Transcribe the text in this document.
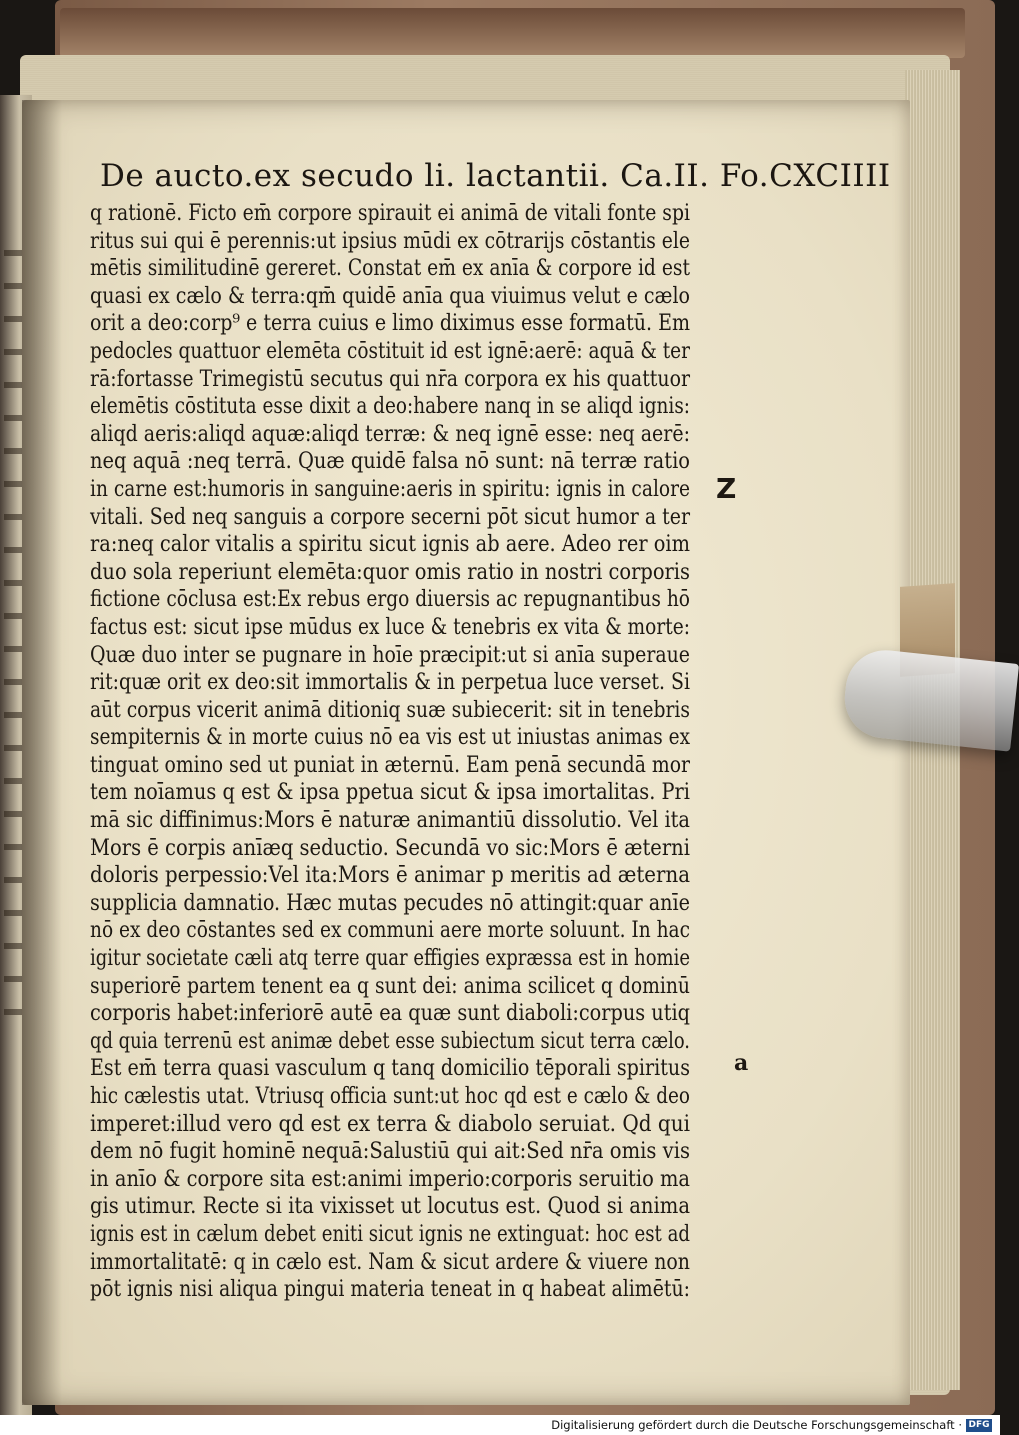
De aucto.ex secudo li. lactantii. Ca.II. Fo.CXCIIII
q rationē. Ficto em̄ corpore spirauit ei animā de vitali fonte spi
ritus sui qui ē perennis:ut ipsius mūdi ex cōtrarijs cōstantis ele
mētis similitudinē gereret. Constat em̄ ex anīa & corpore id est
quasi ex cælo & terra:qm̄ quidē anīa qua viuimus velut e cælo
orit a deo:corp⁹ e terra cuius e limo diximus esse formatū. Em
pedocles quattuor elemēta cōstituit id est ignē:aerē: aquā & ter
rā:fortasse Trimegistū secutus qui nr̄a corpora ex his quattuor
elemētis cōstituta esse dixit a deo:habere nanq in se aliqd ignis:
aliqd aeris:aliqd aquæ:aliqd terræ: & neq ignē esse: neq aerē:
neq aquā :neq terrā. Quæ quidē falsa nō sunt: nā terræ ratio
in carne est:humoris in sanguine:aeris in spiritu: ignis in calore
vitali. Sed neq sanguis a corpore secerni pōt sicut humor a ter
ra:neq calor vitalis a spiritu sicut ignis ab aere. Adeo rer oim
duo sola reperiunt elemēta:quor omis ratio in nostri corporis
fictione cōclusa est:Ex rebus ergo diuersis ac repugnantibus hō
factus est: sicut ipse mūdus ex luce & tenebris ex vita & morte:
Quæ duo inter se pugnare in hoīe præcipit:ut si anīa superaue
rit:quæ orit ex deo:sit immortalis & in perpetua luce verset. Si
aūt corpus vicerit animā ditioniq suæ subiecerit: sit in tenebris
sempiternis & in morte cuius nō ea vis est ut iniustas animas ex
tinguat omino sed ut puniat in æternū. Eam penā secundā mor
tem noīamus q est & ipsa ppetua sicut & ipsa imortalitas. Pri
mā sic diffinimus:Mors ē naturæ animantiū dissolutio. Vel ita
Mors ē corpis anīæq seductio. Secundā vo sic:Mors ē æterni
doloris perpessio:Vel ita:Mors ē animar p meritis ad æterna
supplicia damnatio. Hæc mutas pecudes nō attingit:quar anīe
nō ex deo cōstantes sed ex communi aere morte soluunt. In hac
igitur societate cæli atq terre quar effigies expræssa est in homie
superiorē partem tenent ea q sunt dei: anima scilicet q dominū
corporis habet:inferiorē autē ea quæ sunt diaboli:corpus utiq
qd quia terrenū est animæ debet esse subiectum sicut terra cælo.
Est em̄ terra quasi vasculum q tanq domicilio tēporali spiritus
hic cælestis utat. Vtriusq officia sunt:ut hoc qd est e cælo & deo
imperet:illud vero qd est ex terra & diabolo seruiat. Qd qui
dem nō fugit hominē nequā:Salustiū qui ait:Sed nr̄a omis vis
in anīo & corpore sita est:animi imperio:corporis seruitio ma
gis utimur. Recte si ita vixisset ut locutus est. Quod si anima
ignis est in cælum debet eniti sicut ignis ne extinguat: hoc est ad
immortalitatē: q in cælo est. Nam & sicut ardere & viuere non
pōt ignis nisi aliqua pingui materia teneat in q habeat alimētū:
Z
a
Digitalisierung gefördert durch die Deutsche Forschungsgemeinschaft · DFG
